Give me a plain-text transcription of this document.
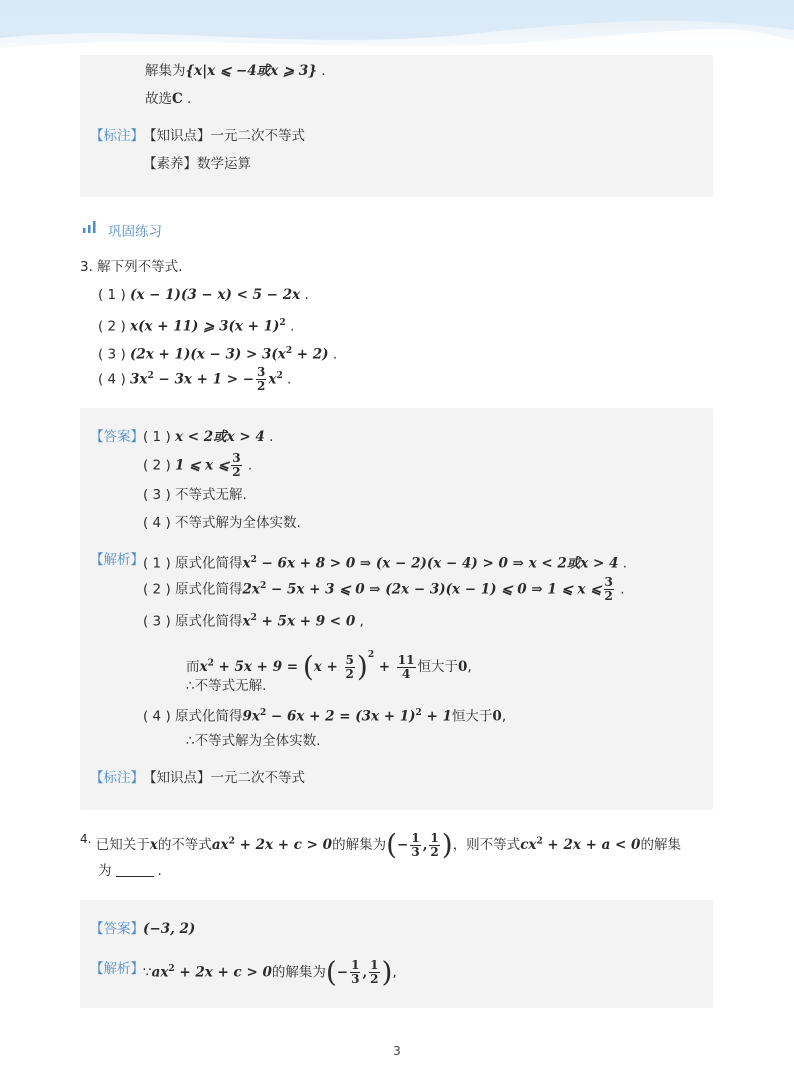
解集为{x|x ⩽ −4或x ⩾ 3} .
故选C .
【标注】 【知识点】一元二次不等式
【素养】数学运算
巩固练习
3. 解下列不等式.
( 1 ) (x − 1)(3 − x) < 5 − 2x .
( 2 ) x(x + 11) ⩾ $3(x + 1)^2$ .
( 3 ) $(2x + 1)(x - 3) > 3(x^2 + 2)$ .
( 4 ) $3x^2 - 3x + 1$ > − $\frac{3}{2} x^2$ .
【答案】 ( 1 ) x < 2或x > 4 .
( 2 ) 1 ⩽ x ⩽ $\frac{3}{2}$ .
( 3 ) 不等式无解.
( 4 ) 不等式解为全体实数.
【解析】 ( 1 ) 原式化简得$x^2 - 6x + 8 > 0$ ⇒ (x − 2)(x − 4) > 0 ⇒ x < 2或x > 4 .
( 2 ) 原式化简得$2x^2 - 5x + 3$ ⩽ 0 ⇒ (2x − 3)(x − 1) ⩽ 0 ⇒ 1 ⩽ x ⩽ $\frac{3}{2}$ .
( 3 ) 原式化简得$x^2 + 5x + 9 < 0$ ,
而$x^2 + 5x + 9 = (x + \frac{5}{2} )^2 + \frac{11}{4}$ 恒大于0,
∴不等式无解.
( 4 ) 原式化简得$9x^2 - 6x + 2 = (3x + 1)^2 + 1$恒大于0,
∴不等式解为全体实数.
【标注】 【知识点】一元二次不等式
4. 已知关于x的不等式$ax^2 + 2x + c > 0$的解集为(− $\frac{1}{3}$ , $\frac{1}{2}$ )，则不等式$cx^2 + 2x + a < 0$的解集
为	.
【答案】 (−3, 2)
【解析】 $\because ax^2 + 2x + c > 0$的解集为(− $\frac{1}{3}$ , $\frac{1}{2}$ ),
3
